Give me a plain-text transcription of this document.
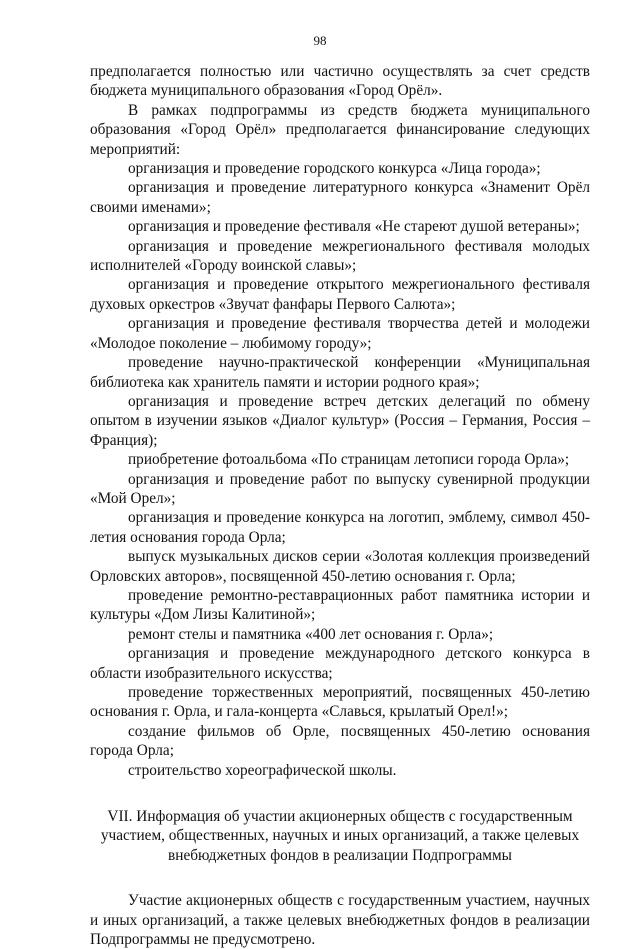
98

предполагается полностью или частично осуществлять за счет средств бюджета муниципального образования «Город Орёл».

В рамках подпрограммы из средств бюджета муниципального образования «Город Орёл» предполагается финансирование следующих мероприятий:

организация и проведение городского конкурса «Лица города»;

организация и проведение литературного конкурса «Знаменит Орёл своими именами»;

организация и проведение фестиваля «Не стареют душой ветераны»;

организация и проведение межрегионального фестиваля молодых исполнителей «Городу воинской славы»;

организация и проведение открытого межрегионального фестиваля духовых оркестров «Звучат фанфары Первого Салюта»;

организация и проведение фестиваля творчества детей и молодежи «Молодое поколение – любимому городу»;

проведение научно-практической конференции «Муниципальная библиотека как хранитель памяти и истории родного края»;

организация и проведение встреч детских делегаций по обмену опытом в изучении языков «Диалог культур» (Россия – Германия, Россия – Франция);

приобретение фотоальбома «По страницам летописи города Орла»;

организация и проведение работ по выпуску сувенирной продукции «Мой Орел»;

организация и проведение конкурса на логотип, эмблему, символ 450-летия основания города Орла;

выпуск музыкальных дисков серии «Золотая коллекция произведений Орловских авторов», посвященной 450-летию основания г. Орла;

проведение ремонтно-реставрационных работ памятника истории и культуры «Дом Лизы Калитиной»;

ремонт стелы и памятника «400 лет основания г. Орла»;

организация и проведение международного детского конкурса в области изобразительного искусства;

проведение торжественных мероприятий, посвященных 450-летию основания г. Орла, и гала-концерта «Славься, крылатый Орел!»;

создание фильмов об Орле, посвященных 450-летию основания города Орла;

строительство хореографической школы.

VII. Информация об участии акционерных обществ с государственным участием, общественных, научных и иных организаций, а также целевых внебюджетных фондов в реализации Подпрограммы

Участие акционерных обществ с государственным участием, научных и иных организаций, а также целевых внебюджетных фондов в реализации Подпрограммы не предусмотрено.
